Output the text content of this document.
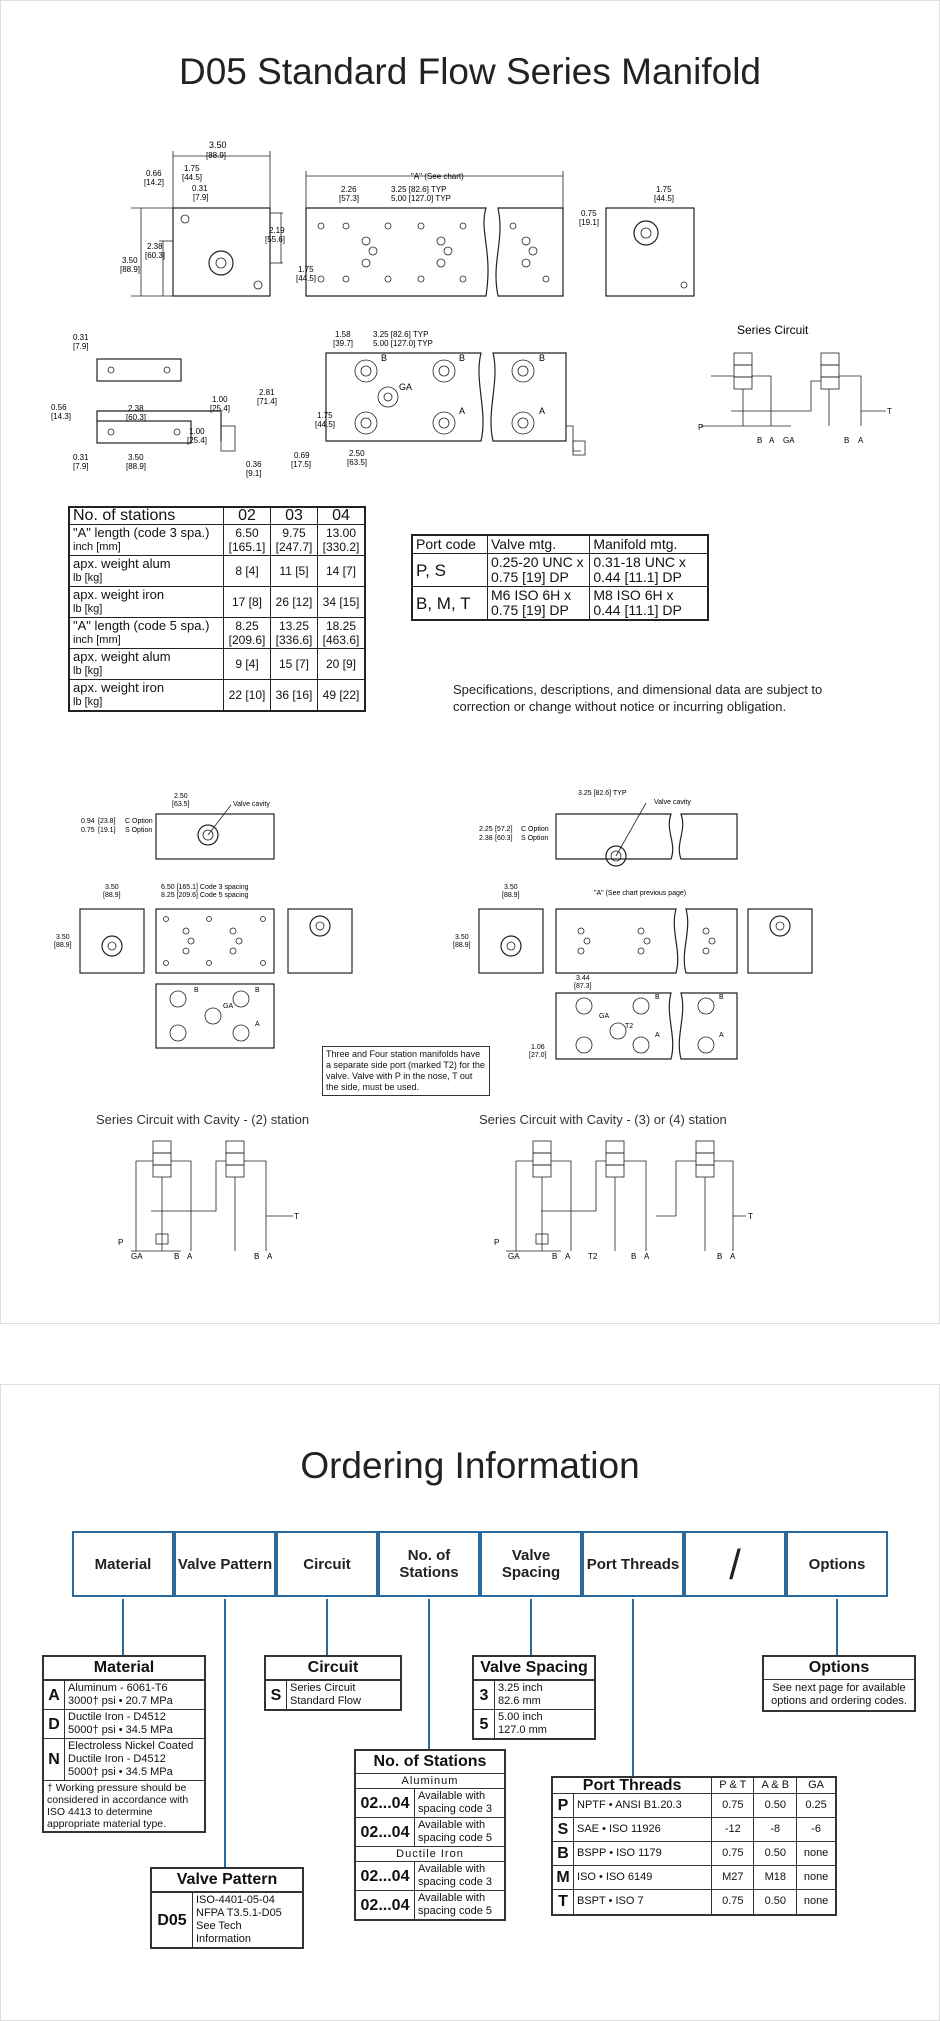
D05 Standard Flow Series Manifold
3.50
[88.9]
0.66
[14.2]
1.75
[44.5]
0.31
[7.9]
2.19
[55.6]
2.38
[60.3]
3.50
[88.9]
"A" (See chart)
2.26
[57.3]
3.25 [82.6] TYP
5.00 [127.0] TYP
1.75
[44.5]
1.75
[44.5]
0.75
[19.1]
0.31
[7.9]
2.38
[60.3]
0.56
[14.3]
3.50
[88.9]
0.31
[7.9]
1.00
[25.4]
1.00
[25.4]
0.36
[9.1]
B
GA
B
A
B
A
1.58
[39.7]
3.25 [82.6] TYP
5.00 [127.0] TYP
2.81
[71.4]
1.75
[44.5]
2.50
[63.5]
0.69
[17.5]
Series Circuit
P
T
B A GA	B A
No. of stations	02	03	04
"A" length (code 3 spa.)
inch [mm]	6.50 [165.1]	9.75 [247.7]	13.00 [330.2]
apx. weight alum
lb [kg]	8 [4]	11 [5]	14 [7]
apx. weight iron
lb [kg]	17 [8]	26 [12]	34 [15]
"A" length (code 5 spa.)
inch [mm]	8.25 [209.6]	13.25 [336.6]	18.25 [463.6]
apx. weight alum
lb [kg]	9 [4]	15 [7]	20 [9]
apx. weight iron
lb [kg]	22 [10]	36 [16]	49 [22]
Port code	Valve mtg.	Manifold mtg.
P, S	0.25-20 UNC x 0.75 [19] DP	0.31-18 UNC x 0.44 [11.1] DP
B, M, T	M6 ISO 6H x 0.75 [19] DP	M8 ISO 6H x 0.44 [11.1] DP
Specifications, descriptions, and dimensional data are subject to correction or change without notice or incurring obligation.
Valve cavity
2.50
[63.5]
0.94 [23.8] C Option
0.75 [19.1] S Option
3.50
[88.9]
3.50
[88.9]
6.50 [165.1] Code 3 spacing
8.25 [209.6] Code 5 spacing
B
GA
B
A
Valve cavity
3.25 [82.6] TYP
2.25 [57.2] C Option
2.38 [60.3] S Option
3.50
[88.9]
3.50
[88.9]
"A" (See chart previous page)
3.44
[87.3]
1.06
[27.0]
GA
T2
B
A
B
A
Three and Four station manifolds have a separate side port (marked T2) for the valve. Valve with P in the nose, T out the side, must be used.
Series Circuit with Cavity - (2) station	Series Circuit with Cavity - (3) or (4) station
P
T
GA	B A	B A
P
T
GA	B A T2	B A	B A
Ordering Information
Material	Valve Pattern	Circuit	No. of Stations
Valve Spacing	Port Threads	/	Options
Material
A	Aluminum - 6061-T6
3000† psi • 20.7 MPa

D	Ductile Iron - D4512
5000† psi • 34.5 MPa

N	Electroless Nickel Coated
Ductile Iron - D4512
5000† psi • 34.5 MPa

† Working pressure should be considered in accordance with ISO 4413 to determine appropriate material type.	
Valve Pattern
D05	
ISO-4401-05-04
NFPA T3.5.1-D05
See Tech Information
Circuit
S	Series Circuit
Standard Flow
No. of Stations
Aluminum
02...04	Available with
spacing code 3

02...04	Available with
spacing code 5
Ductile Iron
02...04	Available with
spacing code 3

02...04	Available with
spacing code 5
Valve Spacing
3	3.25 inch
82.6 mm

5	5.00 inch
127.0 mm
Port Threads		P & T	A & B	GA
P	NPTF • ANSI B1.20.3	0.75	0.50	0.25
S	SAE • ISO 11926	-12	-8	-6
B	BSPP • ISO 1179	0.75	0.50	none
M	ISO • ISO 6149	M27	M18	none
T	BSPT • ISO 7	0.75	0.50	none
Options
See next page for available
options and ordering codes.
